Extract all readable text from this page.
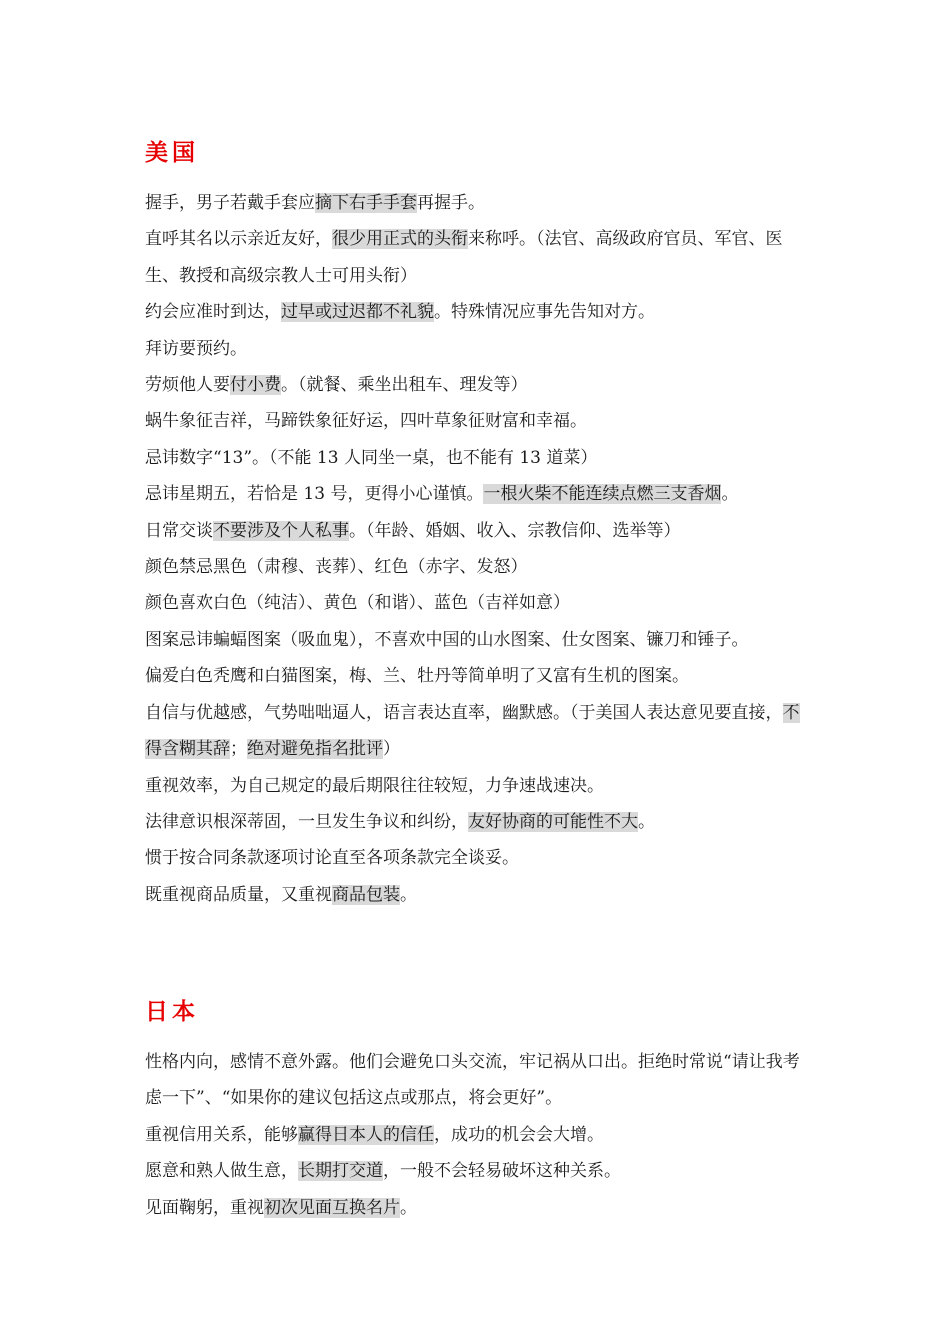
美国

握手，男子若戴手套应摘下右手手套再握手。

直呼其名以示亲近友好，很少用正式的头衔来称呼。（法官、高级政府官员、军官、医生、教授和高级宗教人士可用头衔）

约会应准时到达，过早或过迟都不礼貌。特殊情况应事先告知对方。

拜访要预约。

劳烦他人要付小费。（就餐、乘坐出租车、理发等）

蜗牛象征吉祥，马蹄铁象征好运，四叶草象征财富和幸福。

忌讳数字“13”。（不能 13 人同坐一桌，也不能有 13 道菜）

忌讳星期五，若恰是 13 号，更得小心谨慎。一根火柴不能连续点燃三支香烟。

日常交谈不要涉及个人私事。（年龄、婚姻、收入、宗教信仰、选举等）

颜色禁忌黑色（肃穆、丧葬）、红色（赤字、发怒）

颜色喜欢白色（纯洁）、黄色（和谐）、蓝色（吉祥如意）

图案忌讳蝙蝠图案（吸血鬼），不喜欢中国的山水图案、仕女图案、镰刀和锤子。

偏爱白色秃鹰和白猫图案，梅、兰、牡丹等简单明了又富有生机的图案。

自信与优越感，气势咄咄逼人，语言表达直率，幽默感。（于美国人表达意见要直接，不得含糊其辞；绝对避免指名批评）

重视效率，为自己规定的最后期限往往较短，力争速战速决。

法律意识根深蒂固，一旦发生争议和纠纷，友好协商的可能性不大。

惯于按合同条款逐项讨论直至各项条款完全谈妥。

既重视商品质量，又重视商品包装。

日本

性格内向，感情不意外露。他们会避免口头交流，牢记祸从口出。拒绝时常说“请让我考虑一下”、“如果你的建议包括这点或那点，将会更好”。

重视信用关系，能够赢得日本人的信任，成功的机会会大增。

愿意和熟人做生意，长期打交道，一般不会轻易破坏这种关系。

见面鞠躬，重视初次见面互换名片。
